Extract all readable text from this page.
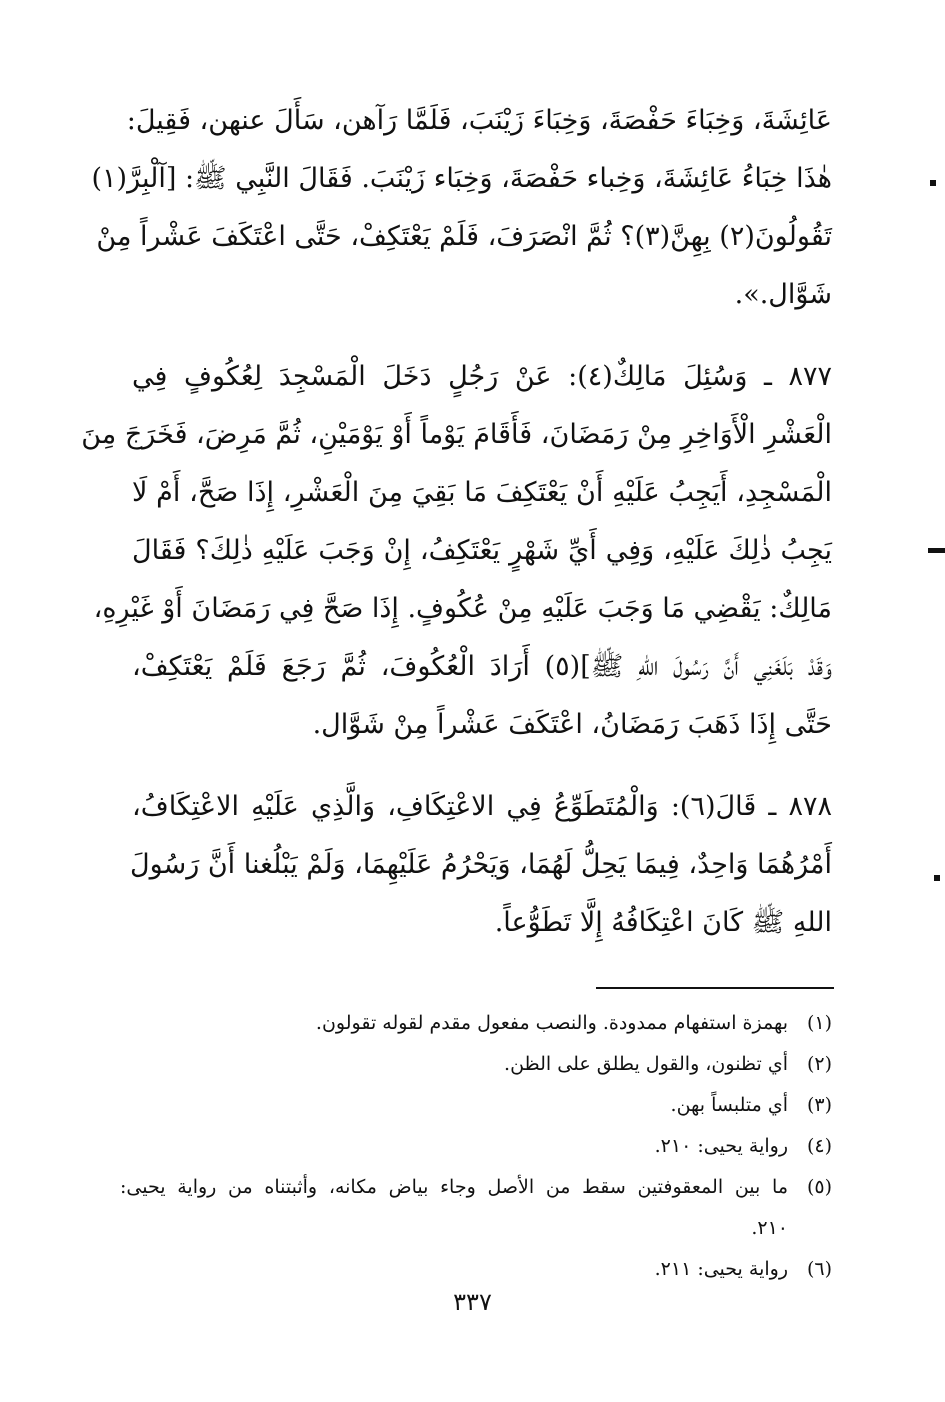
عَائِشَةَ، وَخِبَاءَ حَفْصَةَ، وَخِبَاءَ زَيْنَبَ، فَلَمَّا رَآهن، سَأَلَ عنهن، فَقِيلَ:
هٰذَا خِبَاءُ عَائِشَةَ، وَخِباء حَفْصَةَ، وَخِبَاء زَيْنَبَ. فَقَالَ النَّبِي ﷺ: [آلْبِرَّ(١)
تَقُولُونَ(٢) بِهِنَّ(٣)؟ ثُمَّ انْصَرَفَ، فَلَمْ يَعْتَكِفْ، حَتَّى اعْتَكَفَ عَشْراً مِنْ
شَوَّال.».
٨٧٧ ـ وَسُئِلَ مَالِكٌ(٤): عَنْ رَجُلٍ دَخَلَ الْمَسْجِدَ لِعُكُوفٍ فِي
الْعَشْرِ الْأَوَاخِرِ مِنْ رَمَضَانَ، فَأَقَامَ يَوْماً أَوْ يَوْمَيْنِ، ثُمَّ مَرِضَ، فَخَرَجَ مِنَ
الْمَسْجِدِ، أَيَجِبُ عَلَيْهِ أَنْ يَعْتَكِفَ مَا بَقِيَ مِنَ الْعَشْرِ، إِذَا صَحَّ، أَمْ لَا
يَجِبُ ذٰلِكَ عَلَيْهِ، وَفِي أَيِّ شَهْرٍ يَعْتَكِفُ، إِنْ وَجَبَ عَلَيْهِ ذٰلِكَ؟ فَقَالَ
مَالِكٌ: يَقْضِي مَا وَجَبَ عَلَيْهِ مِنْ عُكُوفٍ. إِذَا صَحَّ فِي رَمَضَانَ أَوْ غَيْرِهِ،
وَقَدْ بَلَغَنِي أَنَّ رَسُولَ اللهِ ﷺ](٥) أَرَادَ الْعُكُوفَ، ثُمَّ رَجَعَ فَلَمْ يَعْتَكِفْ،
حَتَّى إِذَا ذَهَبَ رَمَضَانُ، اعْتَكَفَ عَشْراً مِنْ شَوَّال.
٨٧٨ ـ قَالَ(٦): وَالْمُتَطَوِّعُ فِي الاعْتِكَافِ، وَالَّذِي عَلَيْهِ الاعْتِكَافُ،
أَمْرُهُمَا وَاحِدٌ، فِيمَا يَحِلُّ لَهُمَا، وَيَحْرُمُ عَلَيْهِمَا، وَلَمْ يَبْلُغنا أَنَّ رَسُولَ
اللهِ ﷺ كَانَ اعْتِكَافُهُ إِلَّا تَطَوُّعاً.
(١)
بهمزة استفهام ممدودة. والنصب مفعول مقدم لقوله تقولون.
(٢)
أي تظنون، والقول يطلق على الظن.
(٣)
أي متلبساً بهن.
(٤)
رواية يحيى: ٢١٠.
(٥)
ما بين المعقوفتين سقط من الأصل وجاء بياض مكانه، وأثبتناه من رواية يحيى:
٢١٠.
(٦)
رواية يحيى: ٢١١.
٣٣٧
